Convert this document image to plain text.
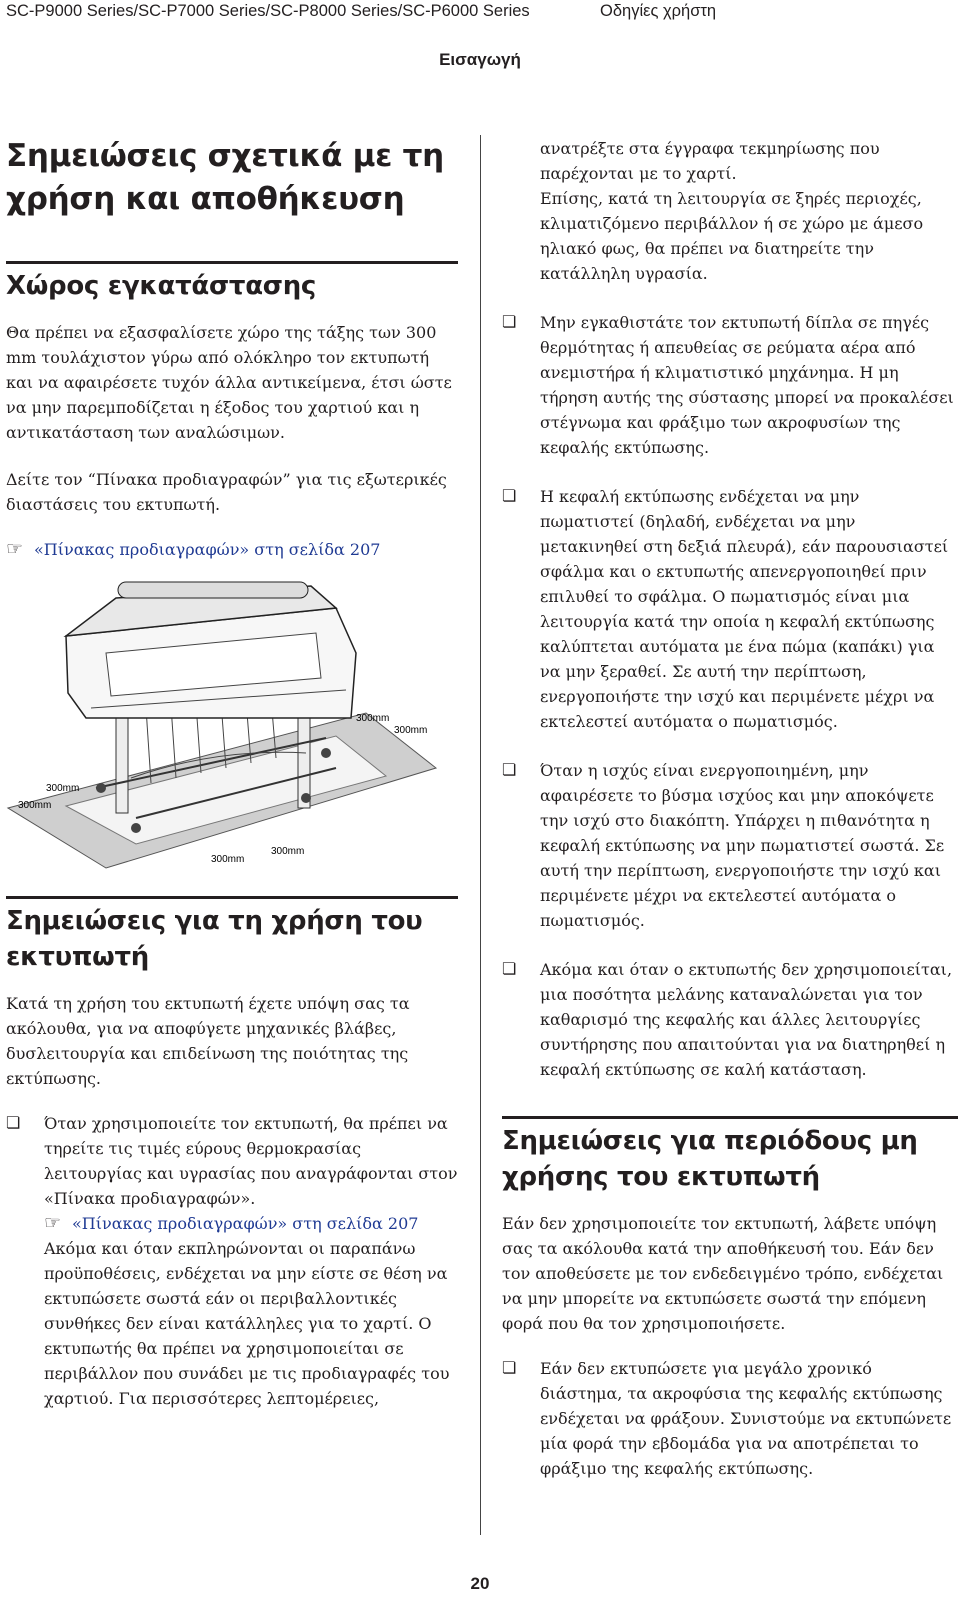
SC-P9000 Series/SC-P7000 Series/SC-P8000 Series/SC-P6000 Series	Οδηγίες χρήστη
Εισαγωγή
Σημειώσεις σχετικά με τη χρήση και αποθήκευση
Χώρος εγκατάστασης

Θα πρέπει να εξασφαλίσετε χώρο της τάξης των 300 mm τουλάχιστον γύρω από ολόκληρο τον εκτυπωτή και να αφαιρέσετε τυχόν άλλα αντικείμενα, έτσι ώστε να μην παρεμποδίζεται η έξοδος του χαρτιού και η αντικατάσταση των αναλώσιμων.

Δείτε τον “Πίνακα προδιαγραφών” για τις εξωτερικές διαστάσεις του εκτυπωτή.

☞ «Πίνακας προδιαγραφών» στη σελίδα 207

300mm
300mm
300mm
300mm
300mm
300mm
Σημειώσεις για τη χρήση του εκτυπωτή

Κατά τη χρήση του εκτυπωτή έχετε υπόψη σας τα ακόλουθα, για να αποφύγετε μηχανικές βλάβες, δυσλειτουργία και επιδείνωση της ποιότητας της εκτύπωσης.

❏ Όταν χρησιμοποιείτε τον εκτυπωτή, θα πρέπει να τηρείτε τις τιμές εύρους θερμοκρασίας λειτουργίας και υγρασίας που αναγράφονται στον «Πίνακα προδιαγραφών».
☞ «Πίνακας προδιαγραφών» στη σελίδα 207
Ακόμα και όταν εκπληρώνονται οι παραπάνω προϋποθέσεις, ενδέχεται να μην είστε σε θέση να εκτυπώσετε σωστά εάν οι περιβαλλοντικές συνθήκες δεν είναι κατάλληλες για το χαρτί. Ο εκτυπωτής θα πρέπει να χρησιμοποιείται σε περιβάλλον που συνάδει με τις προδιαγραφές του χαρτιού. Για περισσότερες λεπτομέρειες,

ανατρέξτε στα έγγραφα τεκμηρίωσης που παρέχονται με το χαρτί.

Επίσης, κατά τη λειτουργία σε ξηρές περιοχές, κλιματιζόμενο περιβάλλον ή σε χώρο με άμεσο ηλιακό φως, θα πρέπει να διατηρείτε την κατάλληλη υγρασία.

❏ Μην εγκαθιστάτε τον εκτυπωτή δίπλα σε πηγές θερμότητας ή απευθείας σε ρεύματα αέρα από ανεμιστήρα ή κλιματιστικό μηχάνημα. Η μη τήρηση αυτής της σύστασης μπορεί να προκαλέσει στέγνωμα και φράξιμο των ακροφυσίων της κεφαλής εκτύπωσης.
❏ Η κεφαλή εκτύπωσης ενδέχεται να μην πωματιστεί (δηλαδή, ενδέχεται να μην μετακινηθεί στη δεξιά πλευρά), εάν παρουσιαστεί σφάλμα και ο εκτυπωτής απενεργοποιηθεί πριν επιλυθεί το σφάλμα. Ο πωματισμός είναι μια λειτουργία κατά την οποία η κεφαλή εκτύπωσης καλύπτεται αυτόματα με ένα πώμα (καπάκι) για να μην ξεραθεί. Σε αυτή την περίπτωση, ενεργοποιήστε την ισχύ και περιμένετε μέχρι να εκτελεστεί αυτόματα ο πωματισμός.
❏ Όταν η ισχύς είναι ενεργοποιημένη, μην αφαιρέσετε το βύσμα ισχύος και μην αποκόψετε την ισχύ στο διακόπτη. Υπάρχει η πιθανότητα η κεφαλή εκτύπωσης να μην πωματιστεί σωστά. Σε αυτή την περίπτωση, ενεργοποιήστε την ισχύ και περιμένετε μέχρι να εκτελεστεί αυτόματα ο πωματισμός.
❏ Ακόμα και όταν ο εκτυπωτής δεν χρησιμοποιείται, μια ποσότητα μελάνης καταναλώνεται για τον καθαρισμό της κεφαλής και άλλες λειτουργίες συντήρησης που απαιτούνται για να διατηρηθεί η κεφαλή εκτύπωσης σε καλή κατάσταση.
Σημειώσεις για περιόδους μη χρήσης του εκτυπωτή

Εάν δεν χρησιμοποιείτε τον εκτυπωτή, λάβετε υπόψη σας τα ακόλουθα κατά την αποθήκευσή του. Εάν δεν τον αποθεύσετε με τον ενδεδειγμένο τρόπο, ενδέχεται να μην μπορείτε να εκτυπώσετε σωστά την επόμενη φορά που θα τον χρησιμοποιήσετε.

❏ Εάν δεν εκτυπώσετε για μεγάλο χρονικό διάστημα, τα ακροφύσια της κεφαλής εκτύπωσης ενδέχεται να φράξουν. Συνιστούμε να εκτυπώνετε μία φορά την εβδομάδα για να αποτρέπεται το φράξιμο της κεφαλής εκτύπωσης.
20
